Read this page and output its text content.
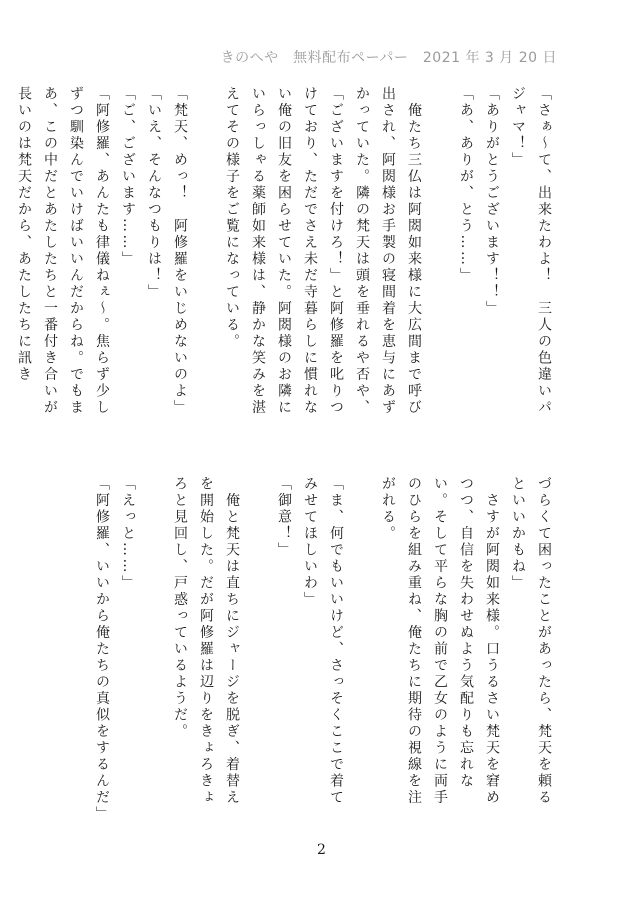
きのへや　無料配布ペーパー　2021 年 3 月 20 日

「さぁ～て、出来たわよ！　三人の色違いパジャマ！」

「ありがとうございます！！」

「あ、ありが、とう……」

　俺たち三仏は阿閦如来様に大広間まで呼び出され、阿閦様お手製の寝間着を恵与にあずかっていた。隣の梵天は頭を垂れるや否や、「ございますを付けろ！」と阿修羅を叱りつけており、ただでさえ未だ寺暮らしに慣れない俺の旧友を困らせていた。阿閦様のお隣にいらっしゃる薬師如来様は、静かな笑みを湛えてその様子をご覧になっている。

「梵天、めっ！　阿修羅をいじめないのよ」

「いえ、そんなつもりは！」

「ご、ございます……」

「阿修羅、あんたも律儀ねぇ～。焦らず少しずつ馴染んでいけばいいんだからね。でもまあ、この中だとあたしたちと一番付き合いが長いのは梵天だから、あたしたちに訊き

づらくて困ったことがあったら、梵天を頼るといいかもね」

　さすが阿閦如来様。口うるさい梵天を窘めつつ、自信を失わせぬよう気配りも忘れない。そして平らな胸の前で乙女のように両手のひらを組み重ね、俺たちに期待の視線を注がれる。

「ま、何でもいいけど、さっそくここで着てみせてほしいわ」

「御意！」

　俺と梵天は直ちにジャージを脱ぎ、着替えを開始した。だが阿修羅は辺りをきょろきょろと見回し、戸惑っているようだ。

「えっと……」

「阿修羅、いいから俺たちの真似をするんだ」

2
